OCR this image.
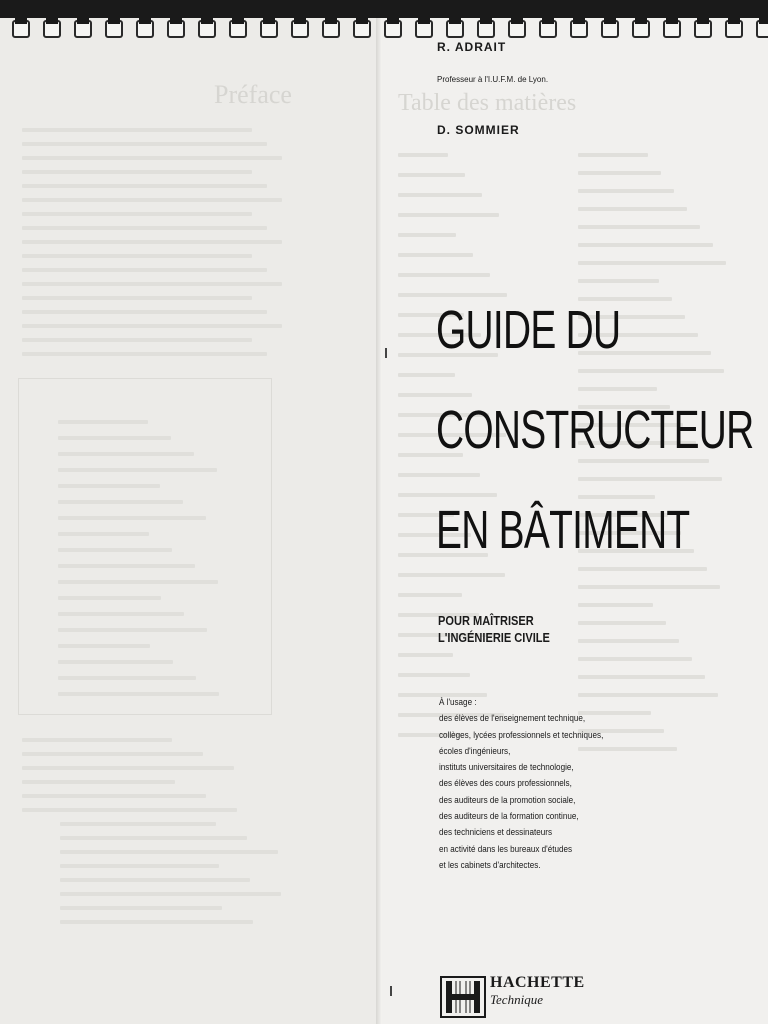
Préface	Table des matières
R. ADRAIT
Professeur à l'I.U.F.M. de Lyon.
D. SOMMIER
GUIDE DU
CONSTRUCTEUR
EN BÂTIMENT
POUR MAÎTRISER
L'INGÉNIERIE CIVILE
À l'usage :
des élèves de l'enseignement technique,
collèges, lycées professionnels et techniques,
écoles d'ingénieurs,
instituts universitaires de technologie,
des élèves des cours professionnels,
des auditeurs de la promotion sociale,
des auditeurs de la formation continue,
des techniciens et dessinateurs
en activité dans les bureaux d'études
et les cabinets d'architectes.
HACHETTE
Technique
